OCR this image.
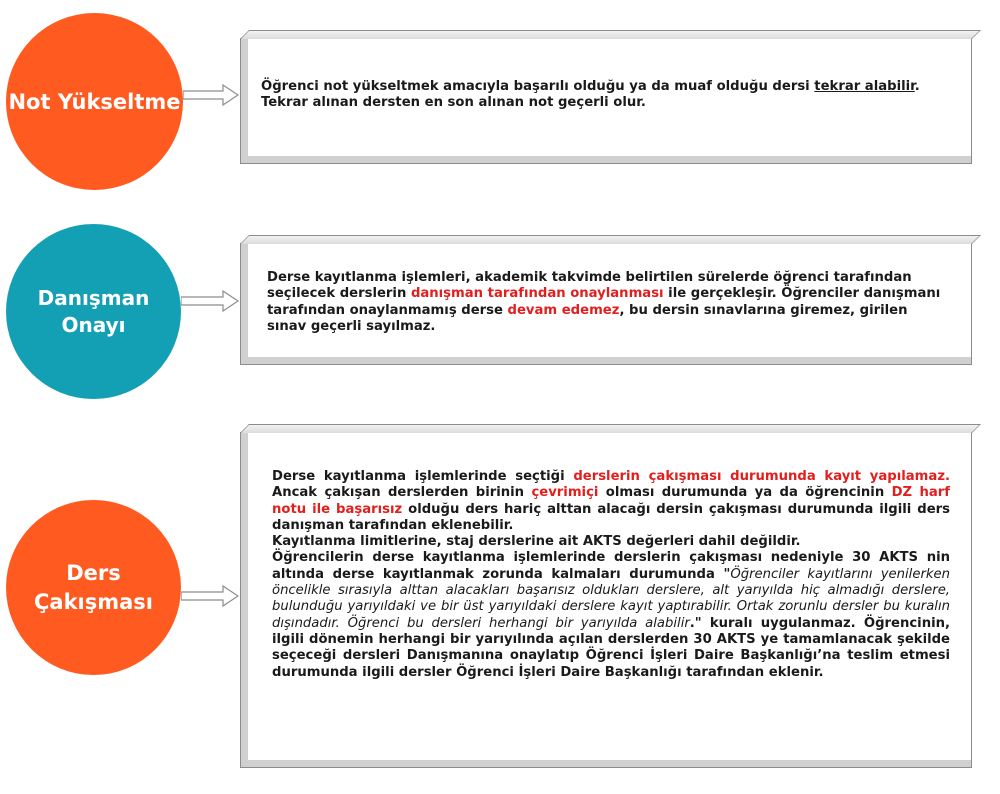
Not Yükseltme
Öğrenci not yükseltmek amacıyla başarılı olduğu ya da muaf olduğu dersi tekrar alabilir. Tekrar alınan dersten en son alınan not geçerli olur.
Danışman
Onayı

Derse kayıtlanma işlemleri, akademik takvimde belirtilen sürelerde öğrenci tarafından seçilecek derslerin danışman tarafından onaylanması ile gerçekleşir. Öğrenciler danışmanı tarafından onaylanmamış derse devam edemez, bu dersin sınavlarına giremez, girilen sınav geçerli sayılmaz.

Ders
Çakışması

Derse kayıtlanma işlemlerinde seçtiği derslerin çakışması durumunda kayıt yapılamaz. Ancak çakışan derslerden birinin çevrimiçi olması durumunda ya da öğrencinin DZ harf notu ile başarısız olduğu ders hariç alttan alacağı dersin çakışması durumunda ilgili ders danışman tarafından eklenebilir.

Kayıtlanma limitlerine, staj derslerine ait AKTS değerleri dahil değildir.

Öğrencilerin derse kayıtlanma işlemlerinde derslerin çakışması nedeniyle 30 AKTS nin altında derse kayıtlanmak zorunda kalmaları durumunda "Öğrenciler kayıtlarını yenilerken öncelikle sırasıyla alttan alacakları başarısız oldukları derslere, alt yarıyılda hiç almadığı derslere, bulunduğu yarıyıldaki ve bir üst yarıyıldaki derslere kayıt yaptırabilir. Ortak zorunlu dersler bu kuralın dışındadır. Öğrenci bu dersleri herhangi bir yarıyılda alabilir." kuralı uygulanmaz. Öğrencinin, ilgili dönemin herhangi bir yarıyılında açılan derslerden 30 AKTS ye tamamlanacak şekilde seçeceği dersleri Danışmanına onaylatıp Öğrenci İşleri Daire Başkanlığı’na teslim etmesi durumunda ilgili dersler Öğrenci İşleri Daire Başkanlığı tarafından eklenir.
